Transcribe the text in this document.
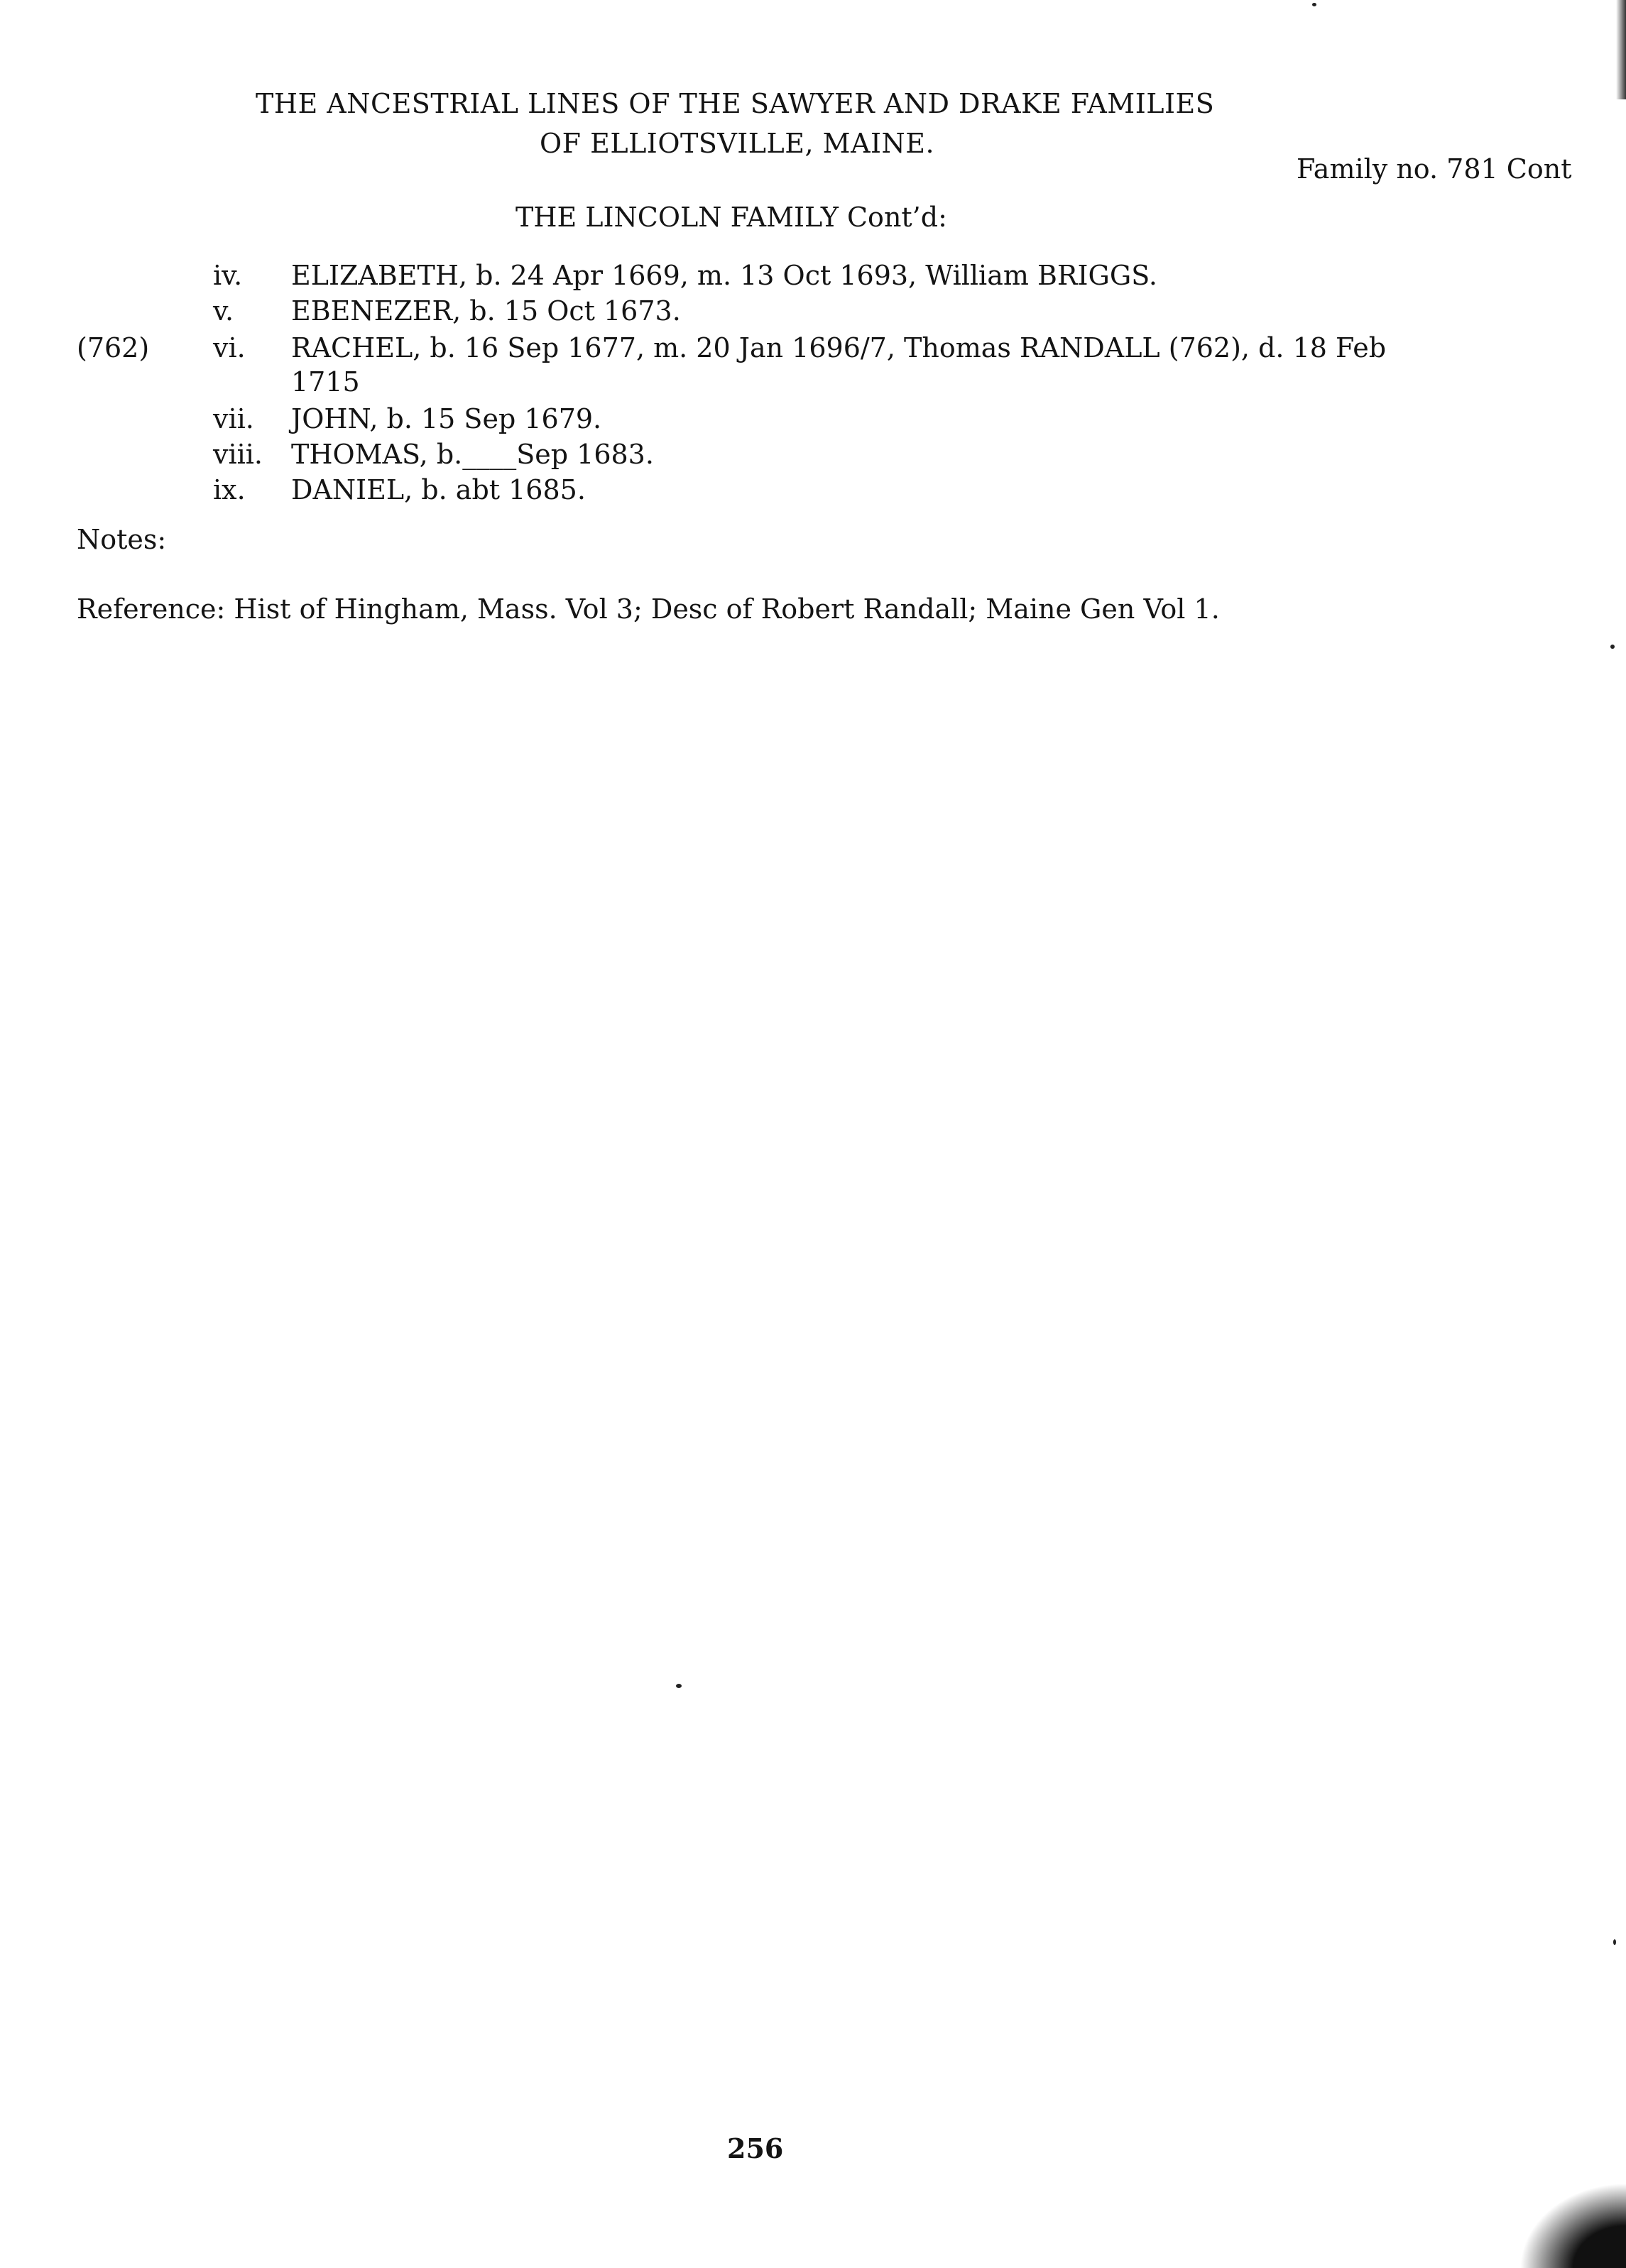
THE ANCESTRIAL LINES OF THE SAWYER AND DRAKE FAMILIES
OF ELLIOTSVILLE, MAINE.
Family no. 781 Cont
THE LINCOLN FAMILY Cont’d:
iv. ELIZABETH, b. 24 Apr 1669, m. 13 Oct 1693, William BRIGGS.
v. EBENEZER, b. 15 Oct 1673.
(762) vi. RACHEL, b. 16 Sep 1677, m. 20 Jan 1696/7, Thomas RANDALL (762), d. 18 Feb
1715
vii. JOHN, b. 15 Sep 1679.
viii. THOMAS, b.____Sep 1683.
ix. DANIEL, b. abt 1685.
Notes:
Reference: Hist of Hingham, Mass. Vol 3; Desc of Robert Randall; Maine Gen Vol 1.
256
